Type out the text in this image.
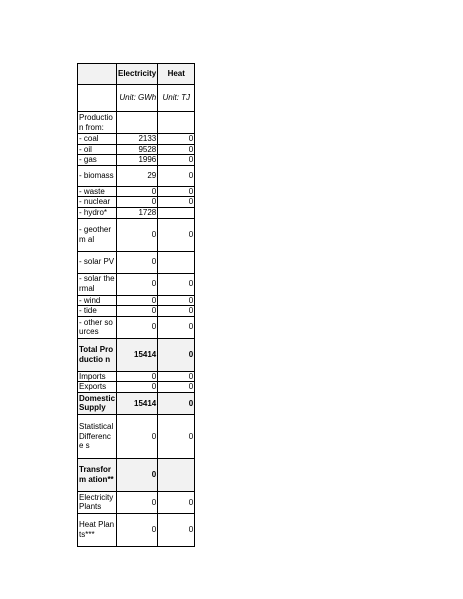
	Electricity	Heat
	Unit: GWh	Unit: TJ
Productio n from:		
- coal	2133	0
- oil	9528	0
- gas	1996	0
- biomass	29	0
- waste	0	0
- nuclear	0	0
- hydro*	1728	
- geotherm al	0	0
- solar PV	0	
- solar thermal	0	0
- wind	0	0
- tide	0	0
- other sources	0	0
Total Productio n	15414	0
Imports	0	0
Exports	0	0
Domestic Supply	15414	0
Statistical Difference s	0	0
Transform ation**	0	
Electricity Plants	0	0
Heat Plants***	0	0
